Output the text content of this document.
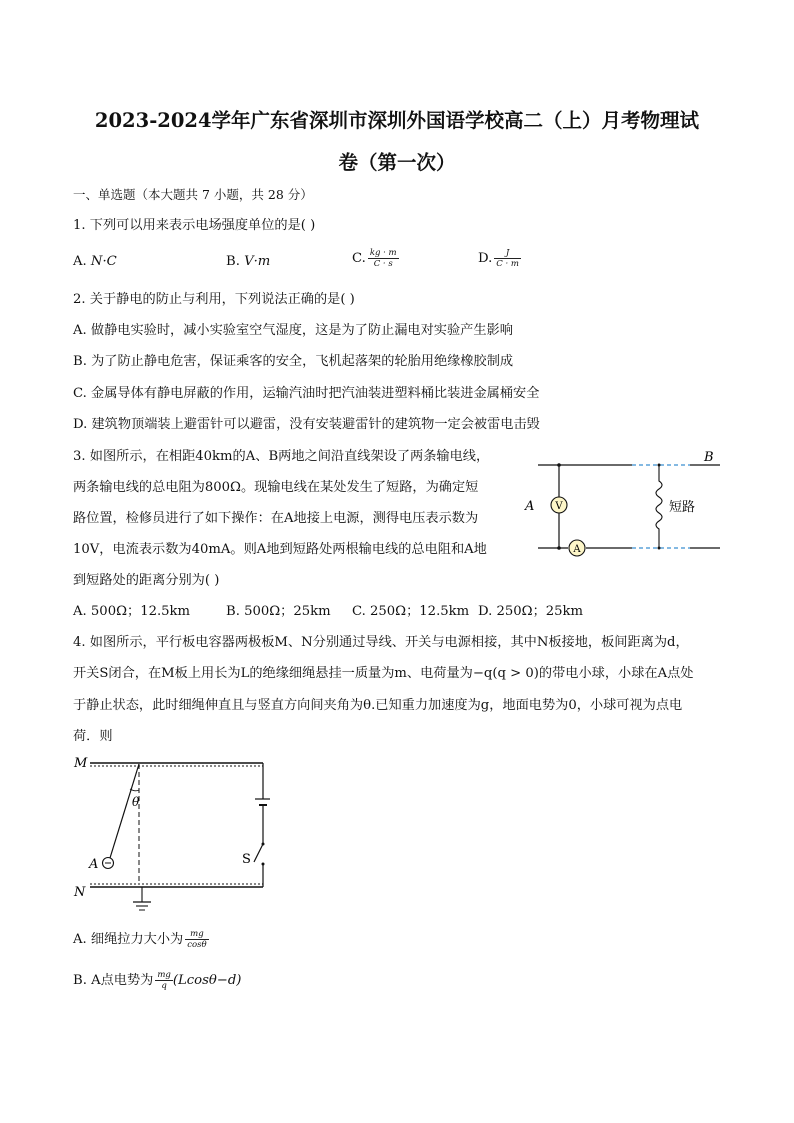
2023-2024学年广东省深圳市深圳外国语学校高二（上）月考物理试
卷（第一次）
一、单选题（本大题共 7 小题，共 28 分）
1. 下列可以用来表示电场强度单位的是( )
A. N·C	B. V·m	C. $\frac{kg \cdot m}{C \cdot s}$	D. $\frac{J}{C \cdot m}$
2. 关于静电的防止与利用，下列说法正确的是( )
A. 做静电实验时，减小实验室空气湿度，这是为了防止漏电对实验产生影响
B. 为了防止静电危害，保证乘客的安全，飞机起落架的轮胎用绝缘橡胶制成
C. 金属导体有静电屏蔽的作用，运输汽油时把汽油装进塑料桶比装进金属桶安全
D. 建筑物顶端装上避雷针可以避雷，没有安装避雷针的建筑物一定会被雷电击毁
3. 如图所示，在相距40km的A、B两地之间沿直线架设了两条输电线，
两条输电线的总电阻为800Ω。现输电线在某处发生了短路，为确定短
路位置，检修员进行了如下操作：在A地接上电源，测得电压表示数为
10V，电流表示数为40mA。则A地到短路处两根输电线的总电阻和A地
到短路处的距离分别为( )
A. 500Ω；12.5km	B. 500Ω；25km C. 250Ω；12.5km D. 250Ω；25km
V
A
短路
A
B
4. 如图所示，平行板电容器两极板M、N分别通过导线、开关与电源相接，其中N板接地，板间距离为d，
开关S闭合，在M板上用长为L的绝缘细绳悬挂一质量为m、电荷量为−q(q > 0)的带电小球，小球在A点处
于静止状态，此时细绳伸直且与竖直方向间夹角为θ.已知重力加速度为g，地面电势为0，小球可视为点电
荷．则
M
θ
A
N
S
A. 细绳拉力大小为 $\frac{mg}{\cos\theta}$
B. A点电势为 $\frac{mg}{q} (Lcos\theta-d)$
